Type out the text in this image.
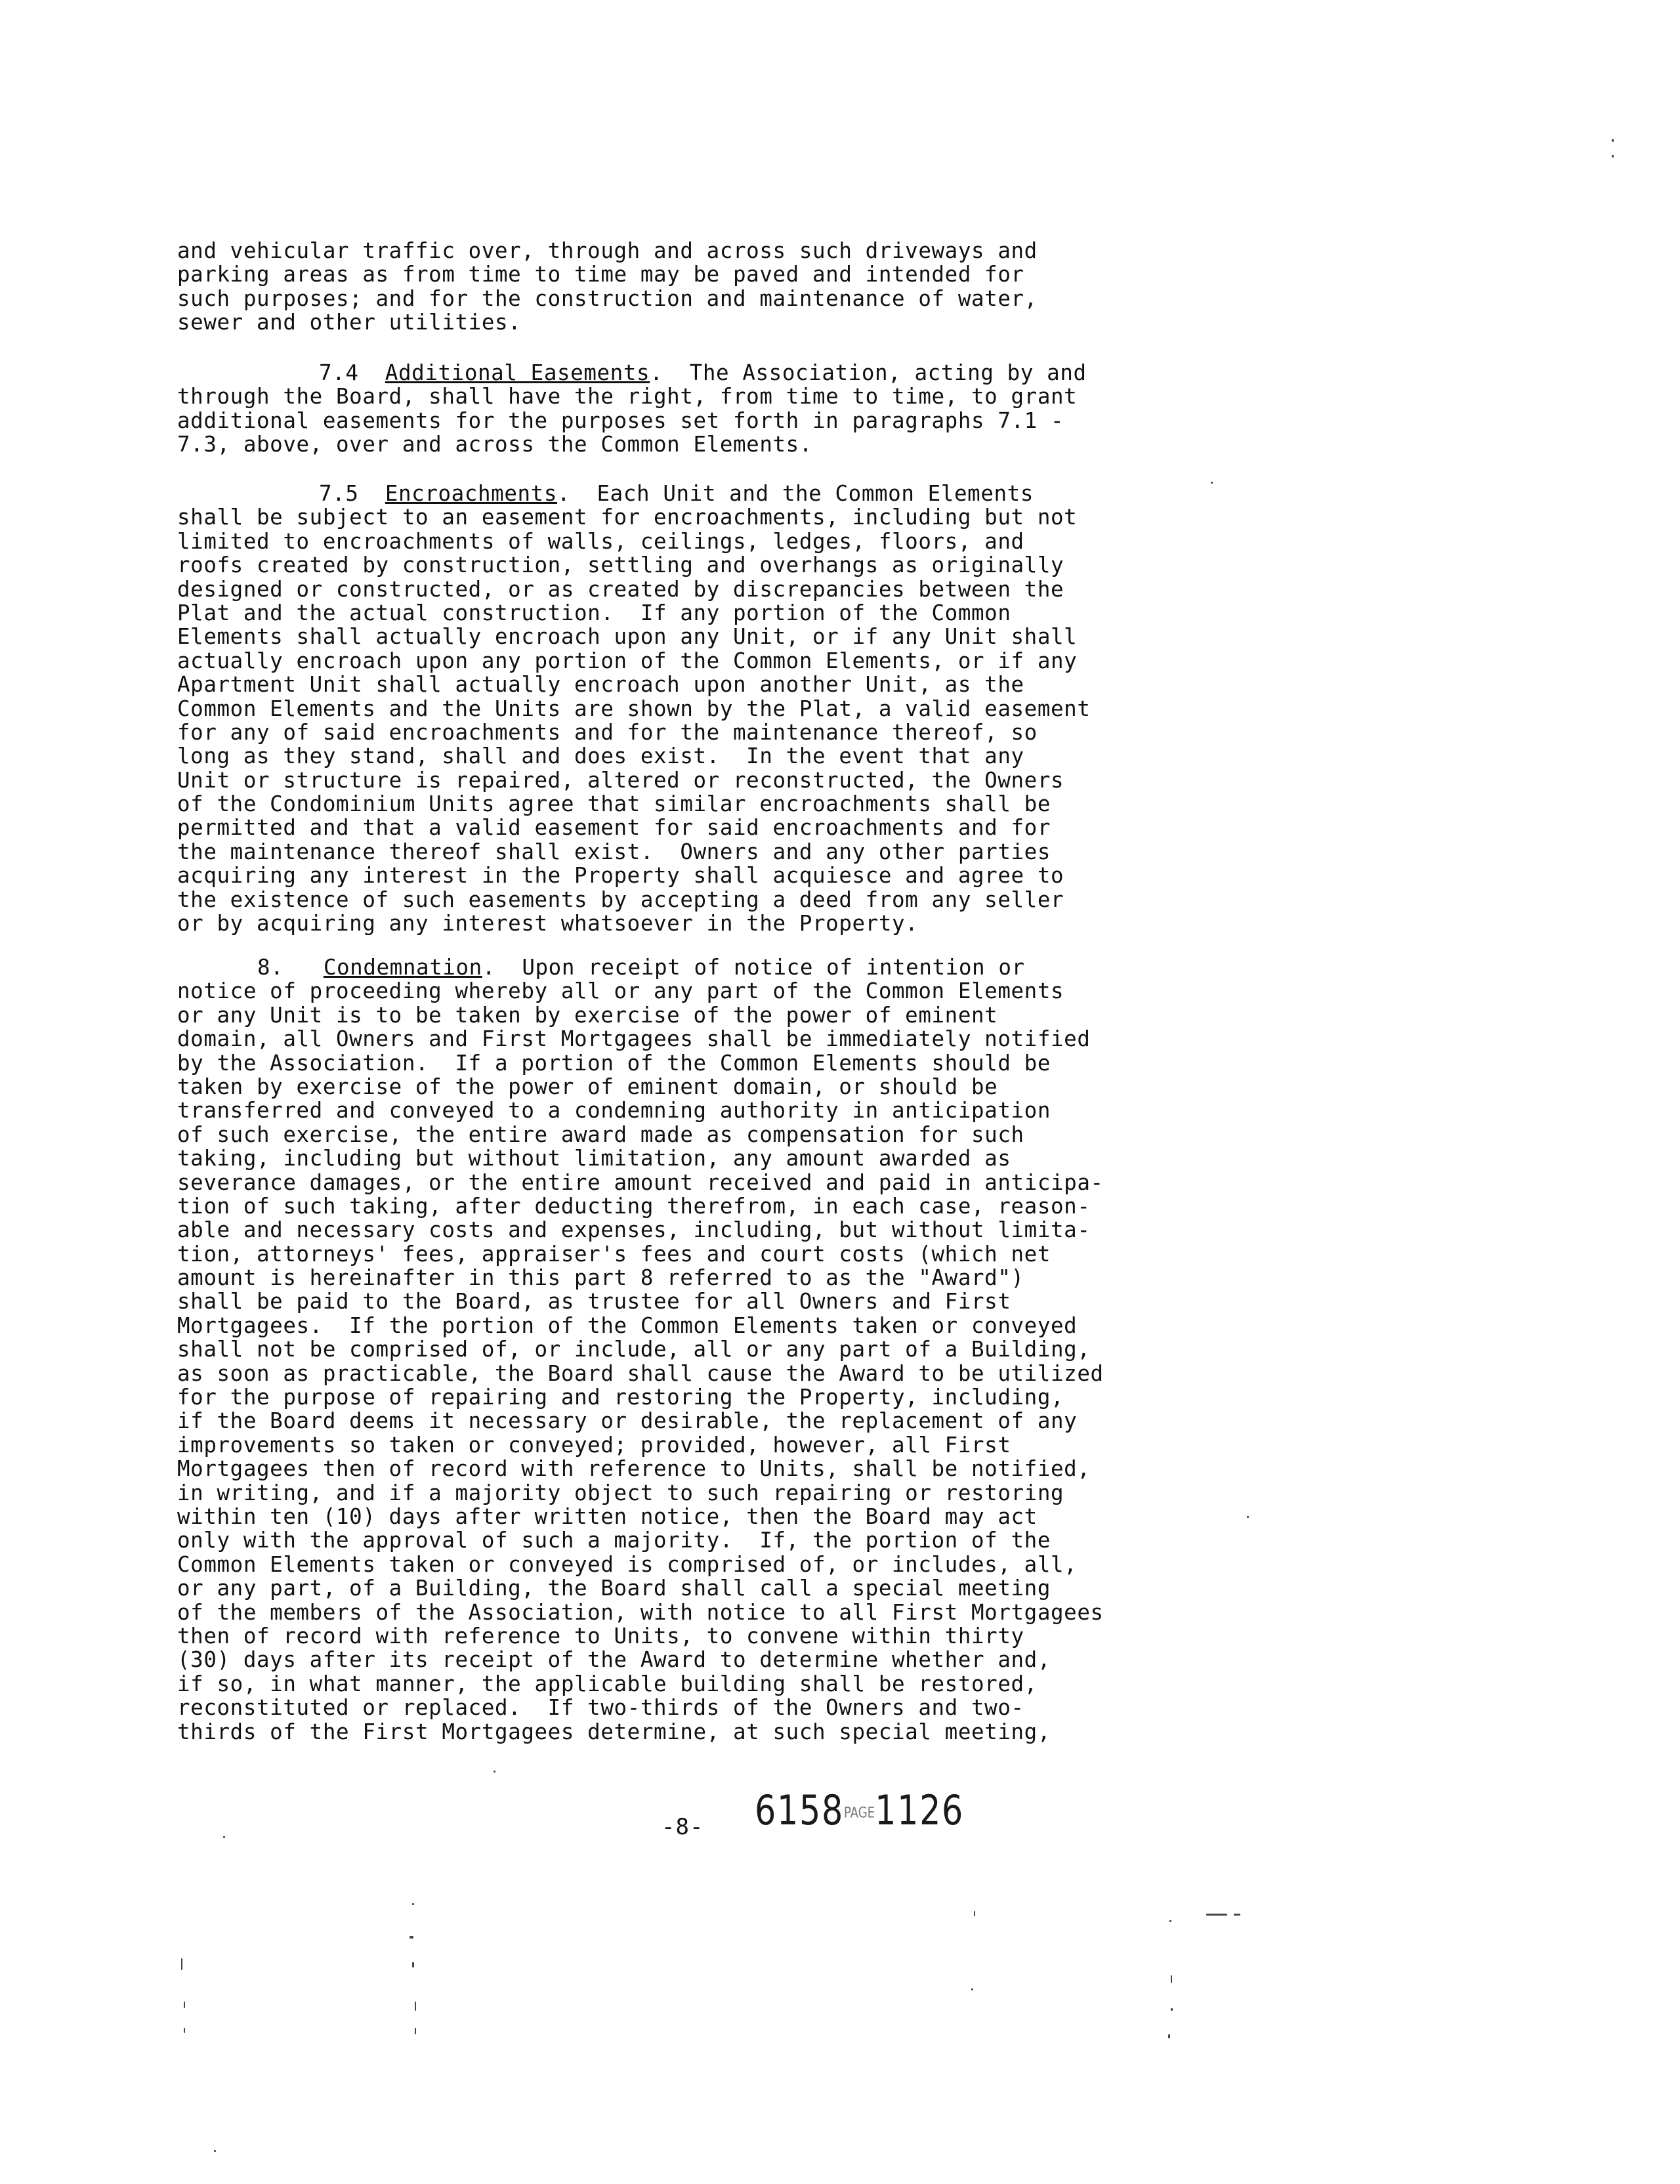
and vehicular traffic over, through and across such driveways and
parking areas as from time to time may be paved and intended for
such purposes; and for the construction and maintenance of water,
sewer and other utilities.
7.4 Additional Easements.  The Association, acting by and
through the Board, shall have the right, from time to time, to grant
additional easements for the purposes set forth in paragraphs 7.1 -
7.3, above, over and across the Common Elements.
7.5 Encroachments.  Each Unit and the Common Elements
shall be subject to an easement for encroachments, including but not
limited to encroachments of walls, ceilings, ledges, floors, and
roofs created by construction, settling and overhangs as originally
designed or constructed, or as created by discrepancies between the
Plat and the actual construction.  If any portion of the Common
Elements shall actually encroach upon any Unit, or if any Unit shall
actually encroach upon any portion of the Common Elements, or if any
Apartment Unit shall actually encroach upon another Unit, as the
Common Elements and the Units are shown by the Plat, a valid easement
for any of said encroachments and for the maintenance thereof, so
long as they stand, shall and does exist.  In the event that any
Unit or structure is repaired, altered or reconstructed, the Owners
of the Condominium Units agree that similar encroachments shall be
permitted and that a valid easement for said encroachments and for
the maintenance thereof shall exist.  Owners and any other parties
acquiring any interest in the Property shall acquiesce and agree to
the existence of such easements by accepting a deed from any seller
or by acquiring any interest whatsoever in the Property.
8. Condemnation.  Upon receipt of notice of intention or
notice of proceeding whereby all or any part of the Common Elements
or any Unit is to be taken by exercise of the power of eminent
domain, all Owners and First Mortgagees shall be immediately notified
by the Association.  If a portion of the Common Elements should be
taken by exercise of the power of eminent domain, or should be
transferred and conveyed to a condemning authority in anticipation
of such exercise, the entire award made as compensation for such
taking, including but without limitation, any amount awarded as
severance damages, or the entire amount received and paid in anticipa-
tion of such taking, after deducting therefrom, in each case, reason-
able and necessary costs and expenses, including, but without limita-
tion, attorneys' fees, appraiser's fees and court costs (which net
amount is hereinafter in this part 8 referred to as the "Award")
shall be paid to the Board, as trustee for all Owners and First
Mortgagees.  If the portion of the Common Elements taken or conveyed
shall not be comprised of, or include, all or any part of a Building,
as soon as practicable, the Board shall cause the Award to be utilized
for the purpose of repairing and restoring the Property, including,
if the Board deems it necessary or desirable, the replacement of any
improvements so taken or conveyed; provided, however, all First
Mortgagees then of record with reference to Units, shall be notified,
in writing, and if a majority object to such repairing or restoring
within ten (10) days after written notice, then the Board may act
only with the approval of such a majority.  If, the portion of the
Common Elements taken or conveyed is comprised of, or includes, all,
or any part, of a Building, the Board shall call a special meeting
of the members of the Association, with notice to all First Mortgagees
then of record with reference to Units, to convene within thirty
(30) days after its receipt of the Award to determine whether and,
if so, in what manner, the applicable building shall be restored,
reconstituted or replaced.  If two-thirds of the Owners and two-
thirds of the First Mortgagees determine, at such special meeting,
-8- 6158PAGE1126
